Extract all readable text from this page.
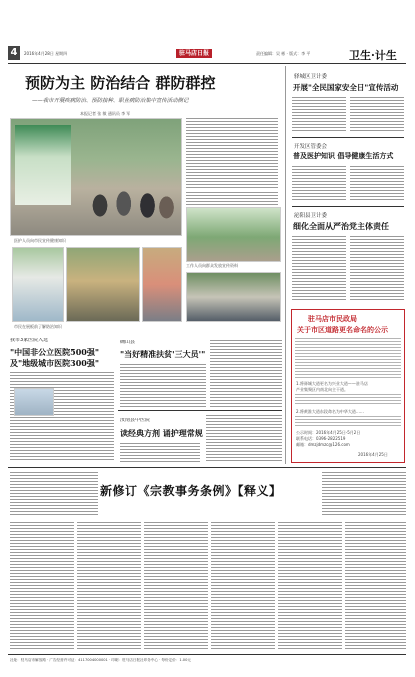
4	2016年4月28日 星期四	驻马店日报	责任编辑：吴 彬 · 版式：李 平	卫生·计生
预防为主 防治结合 群防群控
——我市开展疾病防治、预防接种、职业病防治集中宣传活动侧记
本报记者 张 敏 通讯员 李 军
医护人员向市民宣传健康知识
工作人员向群众发放宣传资料
市民在展板前了解防治知识
我市3家医院入选
"中国非公立医院500强"
及"地级城市医院300强"
确山县
"当好精准扶贫'三大员'"
汝南县中医院
读经典方剂 诵护理常规
驿城区卫计委
开展"全民国家安全日"宣传活动
开发区管委会
普及医护知识 倡导健康生活方式
泌阳县卫计委
细化全面从严治党主体责任
驻马店市民政局
关于市区道路更名命名的公示
1.将驿城大道更名为兴业大道——驻马店
产业集聚区内南北向主干道。
2.将黄淮大道东段命名为中华大道……
公示时间：2016年4月25日-5月2日
联系电话：0396-2822519
邮箱：dmzjdmzc@126.com
2016年4月25日
新修订《宗教事务条例》【释义】
社址：驻马店市解放路 · 广告经营许可证：4117004000001 · 印刷：驻马店日报社印务中心 · 每份定价：1.00元
